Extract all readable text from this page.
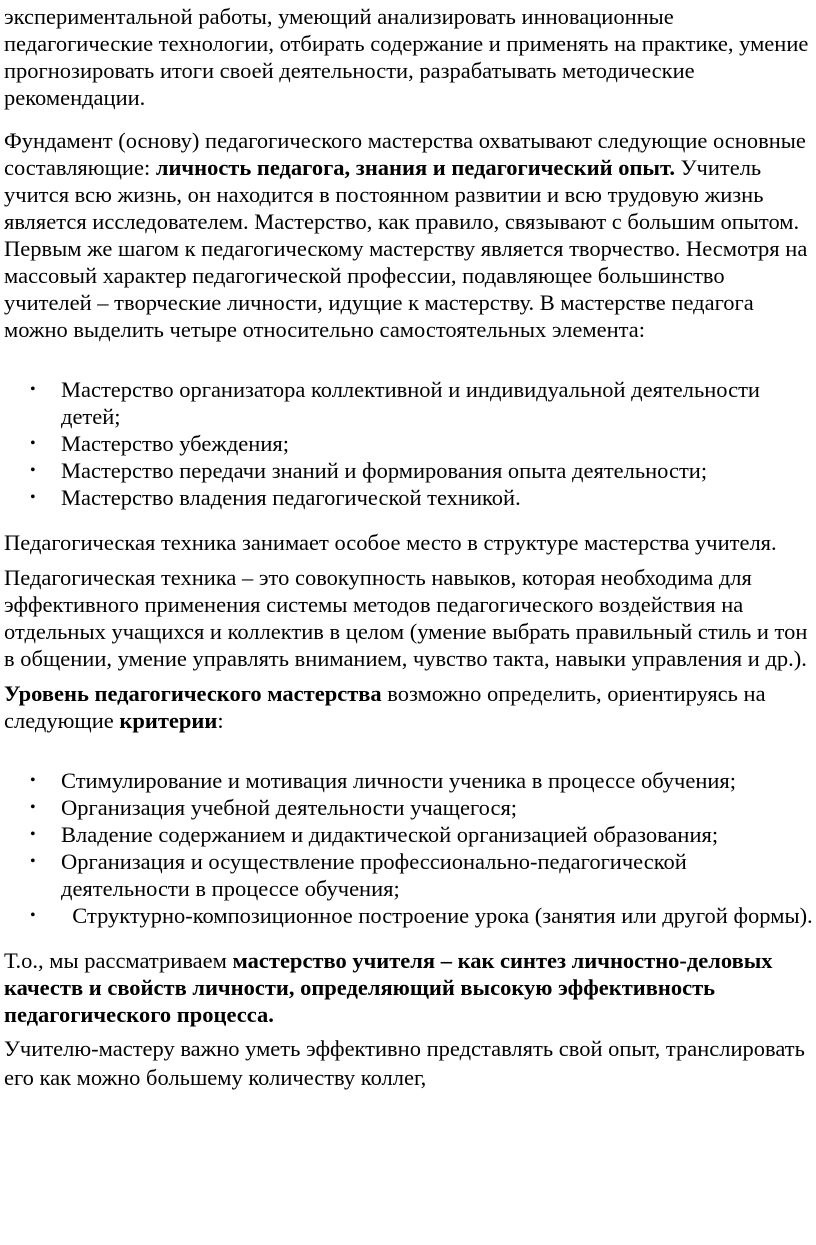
экспериментальной работы, умеющий анализировать инновационные педагогические технологии, отбирать содержание и применять на практике, умение прогнозировать итоги своей деятельности, разрабатывать методические рекомендации.

Фундамент (основу) педагогического мастерства охватывают следующие основные составляющие: личность педагога, знания и педагогический опыт. Учитель учится всю жизнь, он находится в постоянном развитии и всю трудовую жизнь является исследователем. Мастерство, как правило, связывают с большим опытом. Первым же шагом к педагогическому мастерству является творчество. Несмотря на массовый характер педагогической профессии, подавляющее большинство учителей – творческие личности, идущие к мастерству. В мастерстве педагога можно выделить четыре относительно самостоятельных элемента:

• Мастерство организатора коллективной и индивидуальной деятельности детей;
• Мастерство убеждения;
• Мастерство передачи знаний и формирования опыта деятельности;
• Мастерство владения педагогической техникой.

Педагогическая техника занимает особое место в структуре мастерства учителя.

Педагогическая техника – это совокупность навыков, которая необходима для эффективного применения системы методов педагогического воздействия на отдельных учащихся и коллектив в целом (умение выбрать правильный стиль и тон в общении, умение управлять вниманием, чувство такта, навыки управления и др.).

Уровень педагогического мастерства возможно определить, ориентируясь на следующие критерии:

• Стимулирование и мотивация личности ученика в процессе обучения;
• Организация учебной деятельности учащегося;
• Владение содержанием и дидактической организацией образования;
• Организация и осуществление профессионально-педагогической деятельности в процессе обучения;
• Структурно-композиционное построение урока (занятия или другой формы).

Т.о., мы рассматриваем мастерство учителя – как синтез личностно-деловых качеств и свойств личности, определяющий высокую эффективность педагогического процесса.

Учителю-мастеру важно уметь эффективно представлять свой опыт, транслировать его как можно большему количеству коллег,
